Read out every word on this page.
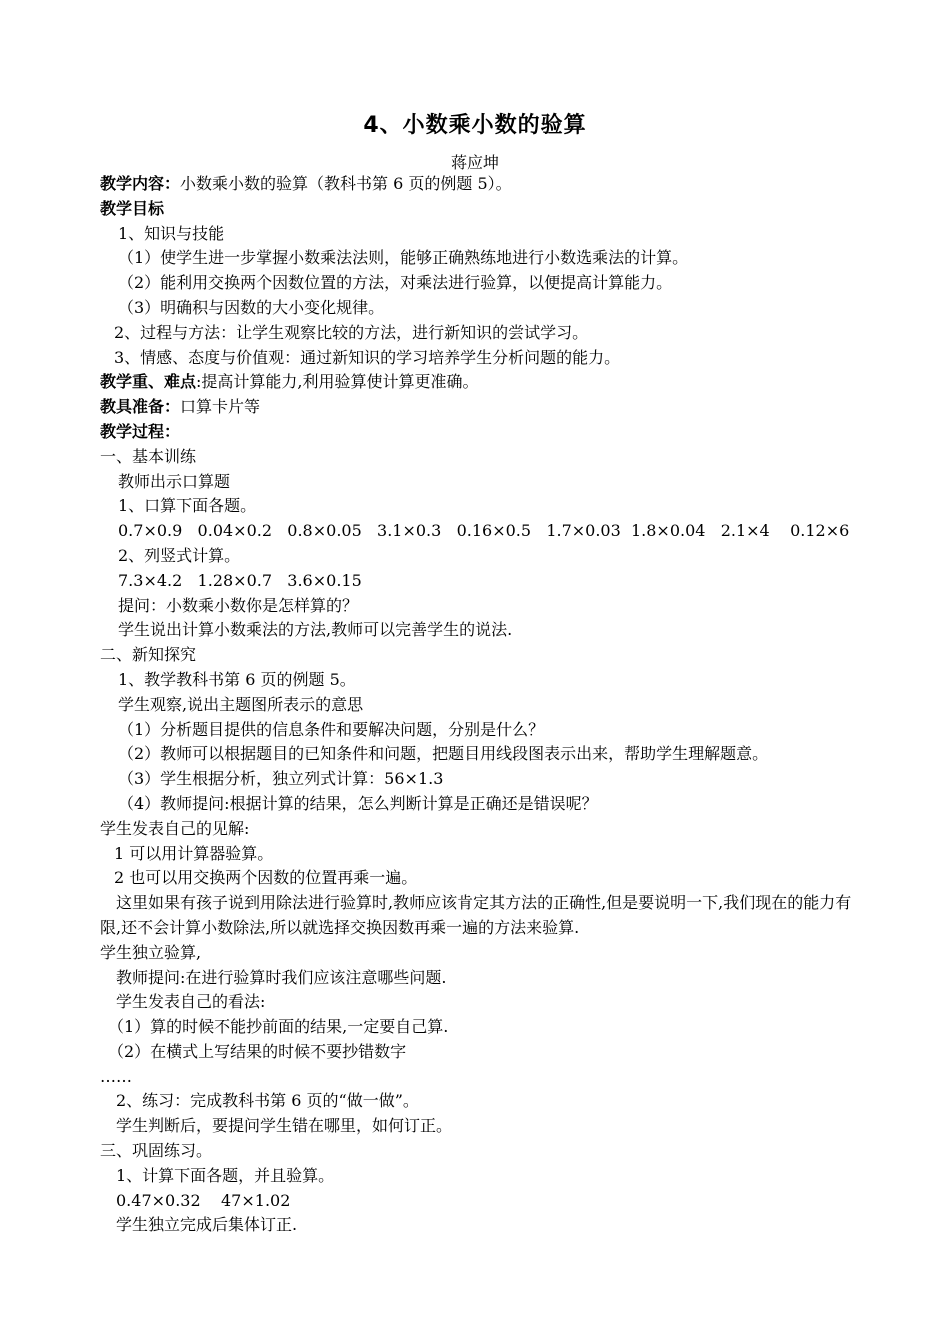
4、小数乘小数的验算
蒋应坤
教学内容：小数乘小数的验算（教科书第 6 页的例题 5）。
教学目标
1、知识与技能
（1）使学生进一步掌握小数乘法法则，能够正确熟练地进行小数选乘法的计算。
（2）能利用交换两个因数位置的方法，对乘法进行验算，以便提高计算能力。
（3）明确积与因数的大小变化规律。
2、过程与方法：让学生观察比较的方法，进行新知识的尝试学习。
3、情感、态度与价值观：通过新知识的学习培养学生分析问题的能力。
教学重、难点:提高计算能力,利用验算使计算更准确。
教具准备：口算卡片等
教学过程：
一、基本训练
教师出示口算题
1、口算下面各题。
0.7×0.9   0.04×0.2   0.8×0.05   3.1×0.3   0.16×0.5   1.7×0.03  1.8×0.04   2.1×4    0.12×6
2、列竖式计算。
7.3×4.2   1.28×0.7   3.6×0.15
提问：小数乘小数你是怎样算的？
学生说出计算小数乘法的方法,教师可以完善学生的说法.
二、新知探究
1、教学教科书第 6 页的例题 5。
学生观察,说出主题图所表示的意思
（1）分析题目提供的信息条件和要解决问题，分别是什么？
（2）教师可以根据题目的已知条件和问题，把题目用线段图表示出来，帮助学生理解题意。
（3）学生根据分析，独立列式计算：56×1.3
（4）教师提问:根据计算的结果，怎么判断计算是正确还是错误呢？
学生发表自己的见解:
1 可以用计算器验算。
2 也可以用交换两个因数的位置再乘一遍。
这里如果有孩子说到用除法进行验算时,教师应该肯定其方法的正确性,但是要说明一下,我们现在的能力有限,还不会计算小数除法,所以就选择交换因数再乘一遍的方法来验算.
学生独立验算,
教师提问:在进行验算时我们应该注意哪些问题.
学生发表自己的看法:
（1）算的时候不能抄前面的结果,一定要自己算.
（2）在横式上写结果的时候不要抄错数字
……
2、练习：完成教科书第 6 页的“做一做”。
学生判断后，要提问学生错在哪里，如何订正。
三、巩固练习。
1、计算下面各题，并且验算。
0.47×0.32    47×1.02
学生独立完成后集体订正.
